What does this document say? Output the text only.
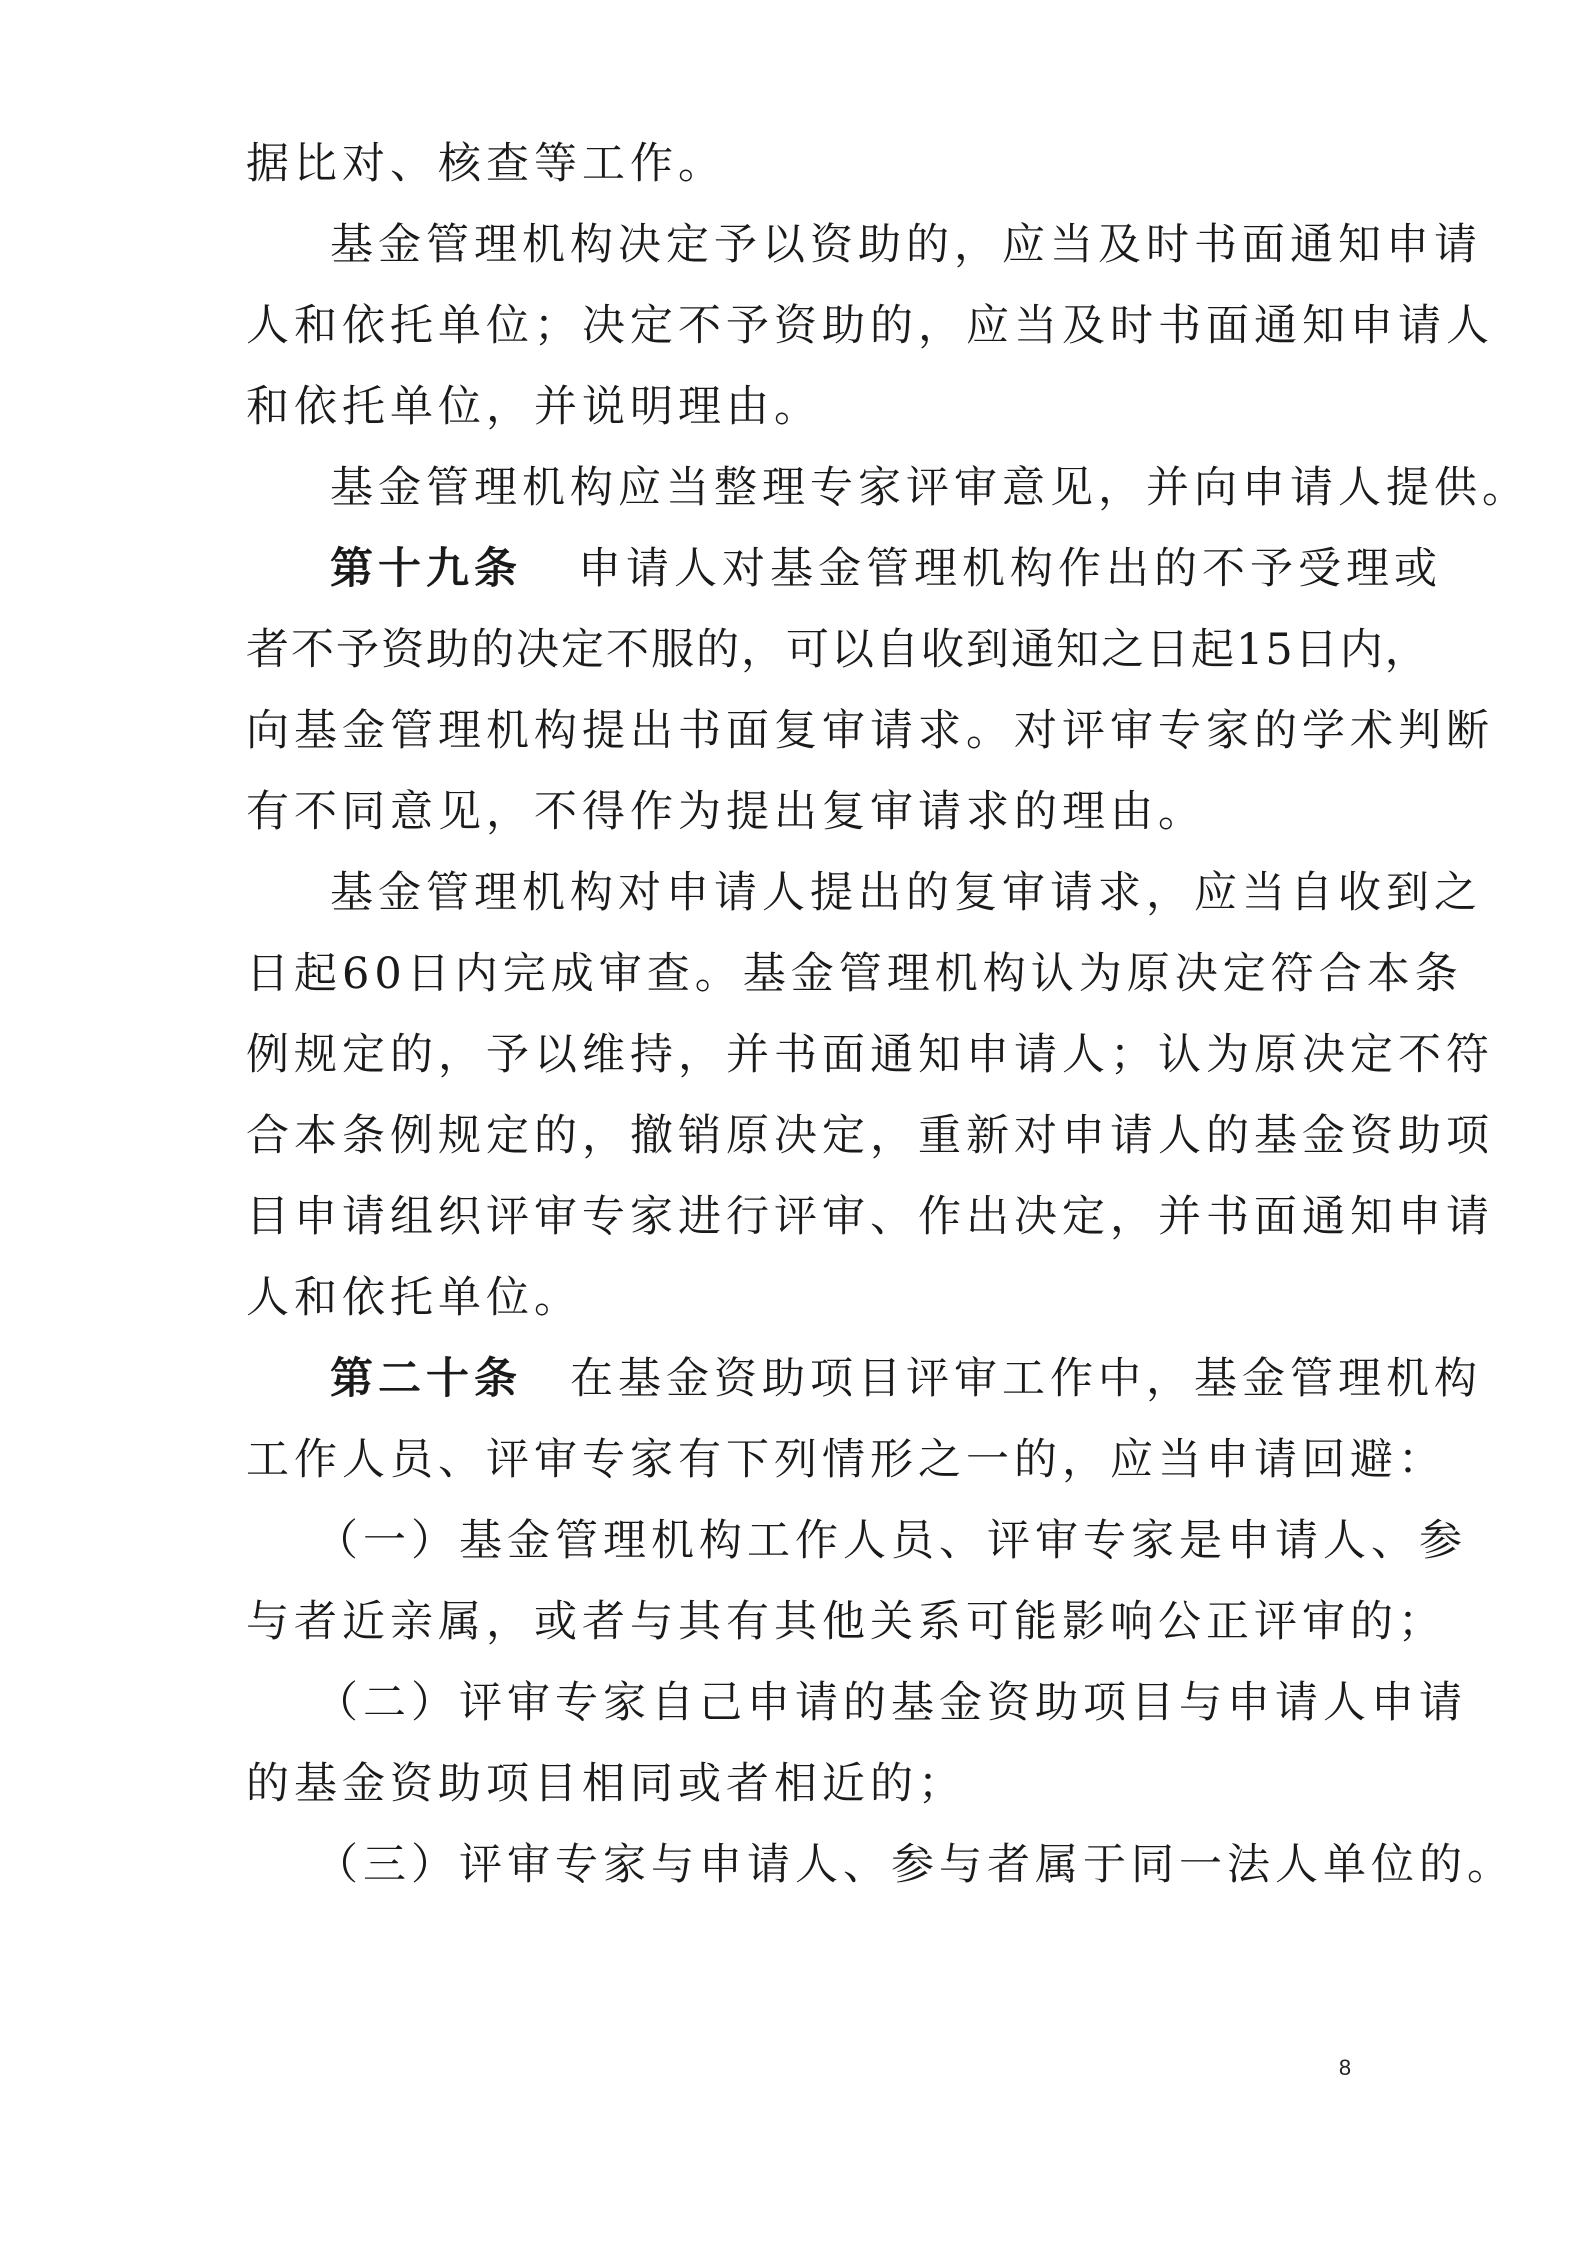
据比对、核查等工作。
基金管理机构决定予以资助的，应当及时书面通知申请
人和依托单位；决定不予资助的，应当及时书面通知申请人
和依托单位，并说明理由。
基金管理机构应当整理专家评审意见，并向申请人提供。
第十九条 申请人对基金管理机构作出的不予受理或
者不予资助的决定不服的，可以自收到通知之日起15日内，
向基金管理机构提出书面复审请求。对评审专家的学术判断
有不同意见，不得作为提出复审请求的理由。
基金管理机构对申请人提出的复审请求，应当自收到之
日起60日内完成审查。基金管理机构认为原决定符合本条
例规定的，予以维持，并书面通知申请人；认为原决定不符
合本条例规定的，撤销原决定，重新对申请人的基金资助项
目申请组织评审专家进行评审、作出决定，并书面通知申请
人和依托单位。
第二十条 在基金资助项目评审工作中，基金管理机构
工作人员、评审专家有下列情形之一的，应当申请回避：
（一）基金管理机构工作人员、评审专家是申请人、参
与者近亲属，或者与其有其他关系可能影响公正评审的；
（二）评审专家自己申请的基金资助项目与申请人申请
的基金资助项目相同或者相近的；
（三）评审专家与申请人、参与者属于同一法人单位的。
8
